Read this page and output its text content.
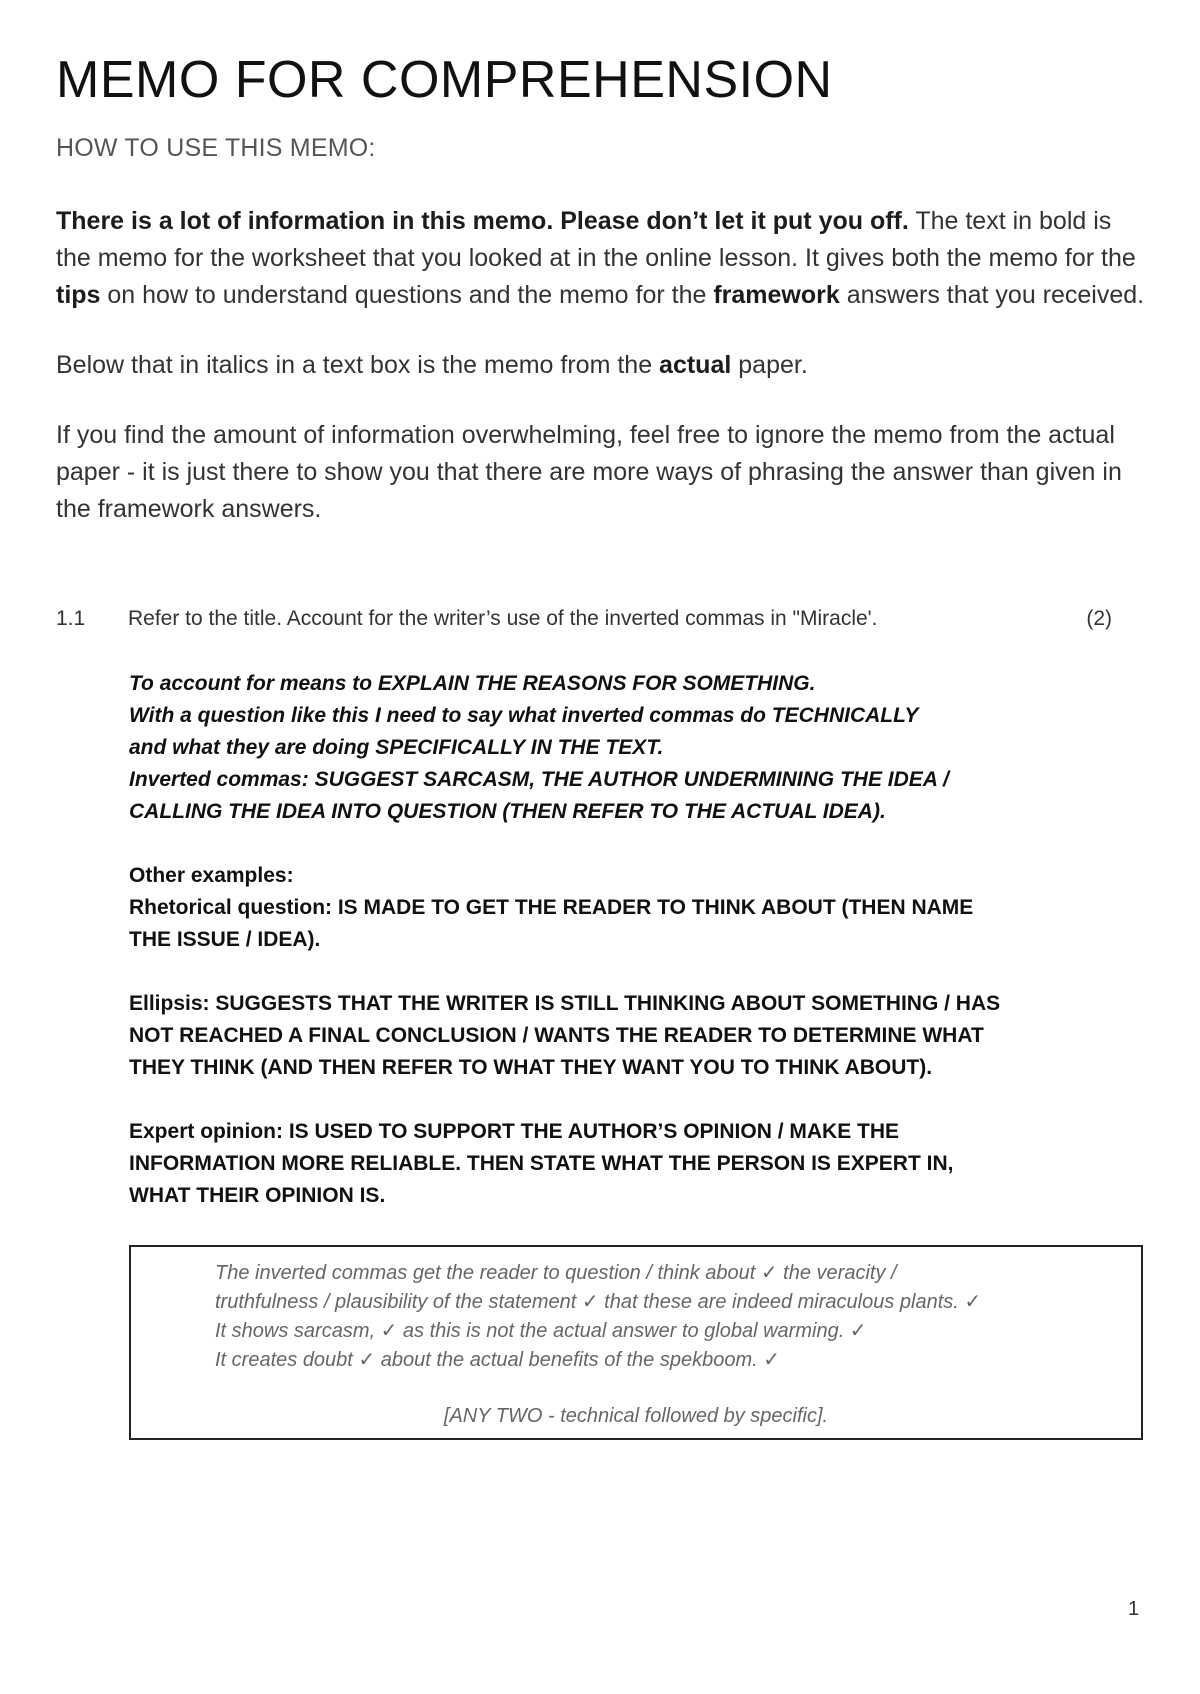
MEMO FOR COMPREHENSION

HOW TO USE THIS MEMO:

There is a lot of information in this memo. Please don’t let it put you off. The text in bold is the memo for the worksheet that you looked at in the online lesson. It gives both the memo for the tips on how to understand questions and the memo for the framework answers that you received.

Below that in italics in a text box is the memo from the actual paper.

If you find the amount of information overwhelming, feel free to ignore the memo from the actual paper - it is just there to show you that there are more ways of phrasing the answer than given in the framework answers.

1.1	Refer to the title. Account for the writer’s use of the inverted commas in "Miracle'.	(2)
To account for means to EXPLAIN THE REASONS FOR SOMETHING.
With a question like this I need to say what inverted commas do TECHNICALLY
and what they are doing SPECIFICALLY IN THE TEXT.
Inverted commas: SUGGEST SARCASM, THE AUTHOR UNDERMINING THE IDEA /
CALLING THE IDEA INTO QUESTION (THEN REFER TO THE ACTUAL IDEA).
Other examples:
Rhetorical question: IS MADE TO GET THE READER TO THINK ABOUT (THEN NAME
THE ISSUE / IDEA).
Ellipsis: SUGGESTS THAT THE WRITER IS STILL THINKING ABOUT SOMETHING / HAS
NOT REACHED A FINAL CONCLUSION / WANTS THE READER TO DETERMINE WHAT
THEY THINK (AND THEN REFER TO WHAT THEY WANT YOU TO THINK ABOUT).
Expert opinion: IS USED TO SUPPORT THE AUTHOR’S OPINION / MAKE THE
INFORMATION MORE RELIABLE. THEN STATE WHAT THE PERSON IS EXPERT IN,
WHAT THEIR OPINION IS.
The inverted commas get the reader to question / think about ✓ the veracity /
truthfulness / plausibility of the statement ✓ that these are indeed miraculous plants. ✓
It shows sarcasm, ✓ as this is not the actual answer to global warming. ✓
It creates doubt ✓ about the actual benefits of the spekboom. ✓
[ANY TWO - technical followed by specific].
1
